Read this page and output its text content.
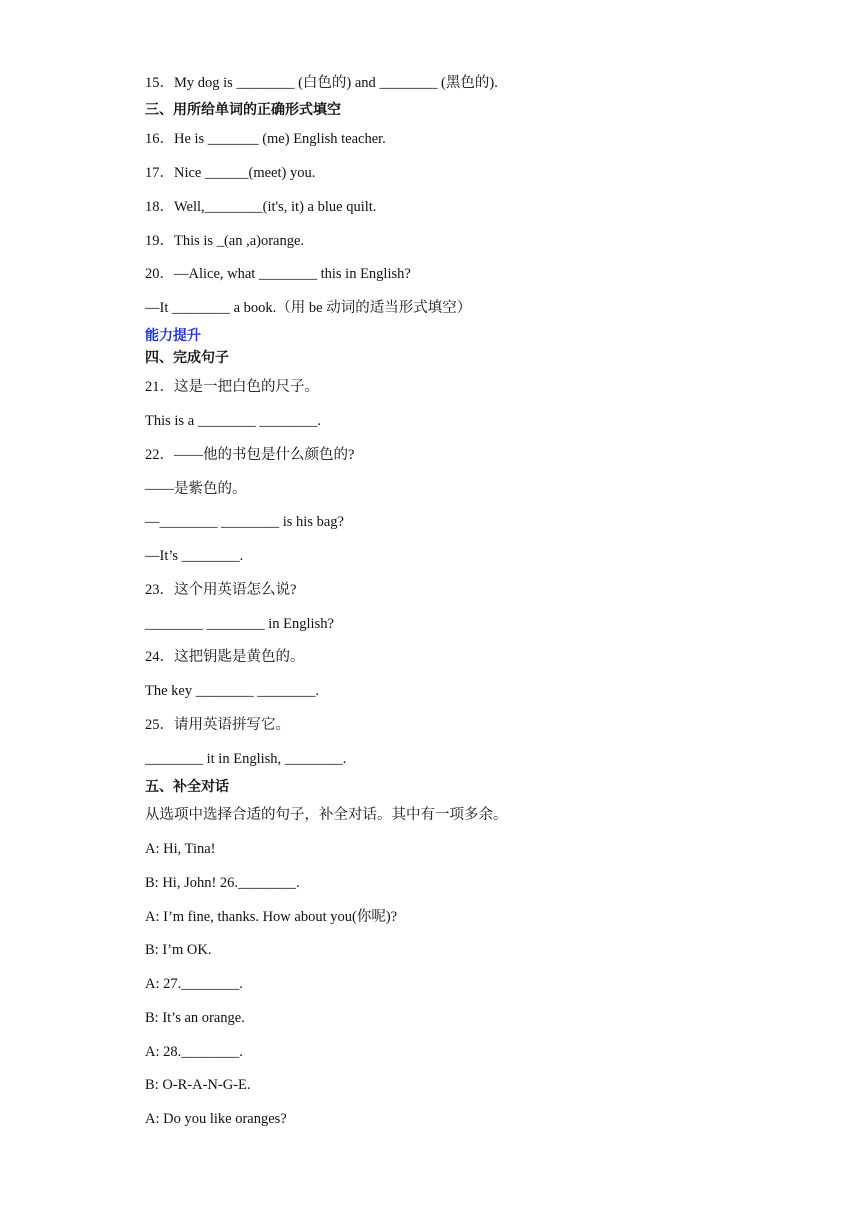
15．My dog is ________ (白色的) and ________ (黑色的).
三、用所给单词的正确形式填空
16．He is _______ (me) English teacher.
17．Nice ______(meet) you.
18．Well,________(it's, it) a blue quilt.
19．This is _(an ,a)orange.
20．—Alice, what ________ this in English?
—It ________ a book.（用 be 动词的适当形式填空）
能力提升
四、完成句子
21．这是一把白色的尺子。
This is a ________ ________.
22．——他的书包是什么颜色的?
——是紫色的。
—________ ________ is his bag?
—It’s ________.
23．这个用英语怎么说?
________ ________ in English?
24．这把钥匙是黄色的。
The key ________ ________.
25．请用英语拼写它。
________ it in English, ________.
五、补全对话
从选项中选择合适的句子，补全对话。其中有一项多余。
A: Hi, Tina!
B: Hi, John! 26.________.
A: I’m fine, thanks. How about you(你呢)?
B: I’m OK.
A: 27.________.
B: It’s an orange.
A: 28.________.
B: O-R-A-N-G-E.
A: Do you like oranges?
